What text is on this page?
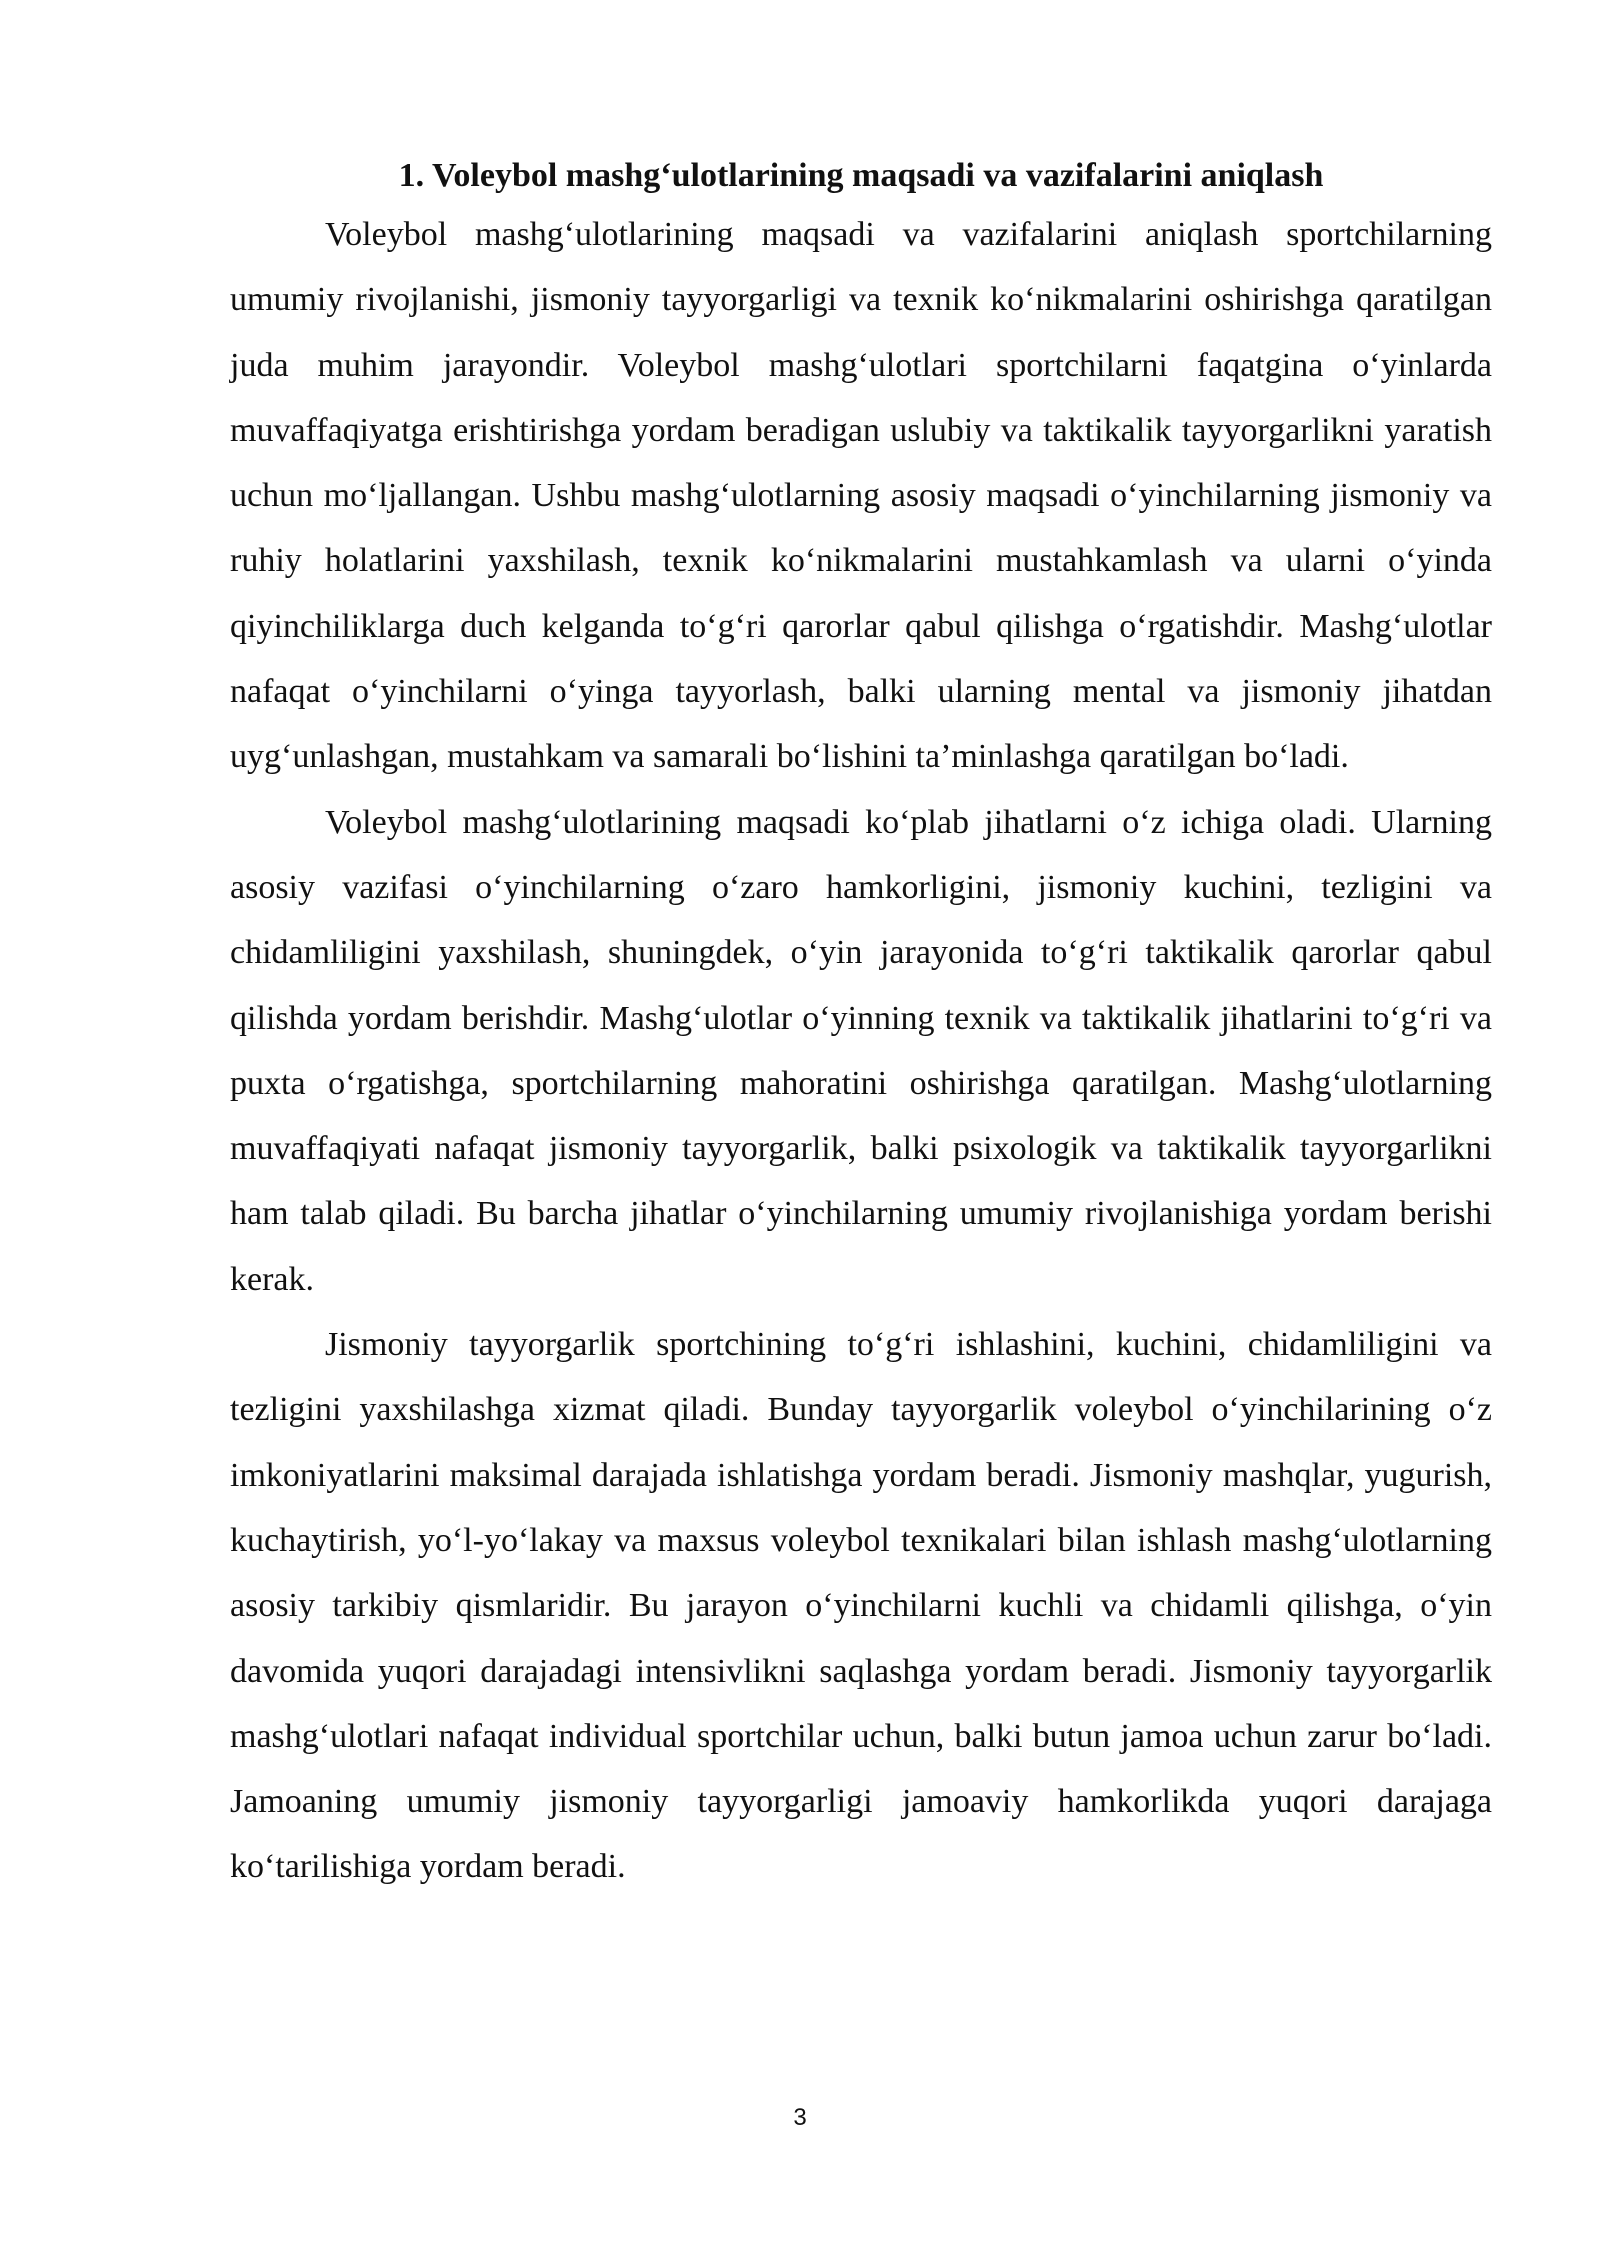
1. Voleybol mashg‘ulotlarining maqsadi va vazifalarini aniqlash

Voleybol mashg‘ulotlarining maqsadi va vazifalarini aniqlash sportchilarning umumiy rivojlanishi, jismoniy tayyorgarligi va texnik ko‘nikmalarini oshirishga qaratilgan juda muhim jarayondir. Voleybol mashg‘ulotlari sportchilarni faqatgina o‘yinlarda muvaffaqiyatga erishtirishga yordam beradigan uslubiy va taktikalik tayyorgarlikni yaratish uchun mo‘ljallangan. Ushbu mashg‘ulotlarning asosiy maqsadi o‘yinchilarning jismoniy va ruhiy holatlarini yaxshilash, texnik ko‘nikmalarini mustahkamlash va ularni o‘yinda qiyinchiliklarga duch kelganda to‘g‘ri qarorlar qabul qilishga o‘rgatishdir. Mashg‘ulotlar nafaqat o‘yinchilarni o‘yinga tayyorlash, balki ularning mental va jismoniy jihatdan uyg‘unlashgan, mustahkam va samarali bo‘lishini ta’minlashga qaratilgan bo‘ladi.

Voleybol mashg‘ulotlarining maqsadi ko‘plab jihatlarni o‘z ichiga oladi. Ularning asosiy vazifasi o‘yinchilarning o‘zaro hamkorligini, jismoniy kuchini, tezligini va chidamliligini yaxshilash, shuningdek, o‘yin jarayonida to‘g‘ri taktikalik qarorlar qabul qilishda yordam berishdir. Mashg‘ulotlar o‘yinning texnik va taktikalik jihatlarini to‘g‘ri va puxta o‘rgatishga, sportchilarning mahoratini oshirishga qaratilgan. Mashg‘ulotlarning muvaffaqiyati nafaqat jismoniy tayyorgarlik, balki psixologik va taktikalik tayyorgarlikni ham talab qiladi. Bu barcha jihatlar o‘yinchilarning umumiy rivojlanishiga yordam berishi kerak.

Jismoniy tayyorgarlik sportchining to‘g‘ri ishlashini, kuchini, chidamliligini va tezligini yaxshilashga xizmat qiladi. Bunday tayyorgarlik voleybol o‘yinchilarining o‘z imkoniyatlarini maksimal darajada ishlatishga yordam beradi. Jismoniy mashqlar, yugurish, kuchaytirish, yo‘l-yo‘lakay va maxsus voleybol texnikalari bilan ishlash mashg‘ulotlarning asosiy tarkibiy qismlaridir. Bu jarayon o‘yinchilarni kuchli va chidamli qilishga, o‘yin davomida yuqori darajadagi intensivlikni saqlashga yordam beradi. Jismoniy tayyorgarlik mashg‘ulotlari nafaqat individual sportchilar uchun, balki butun jamoa uchun zarur bo‘ladi. Jamoaning umumiy jismoniy tayyorgarligi jamoaviy hamkorlikda yuqori darajaga ko‘tarilishiga yordam beradi.

3
